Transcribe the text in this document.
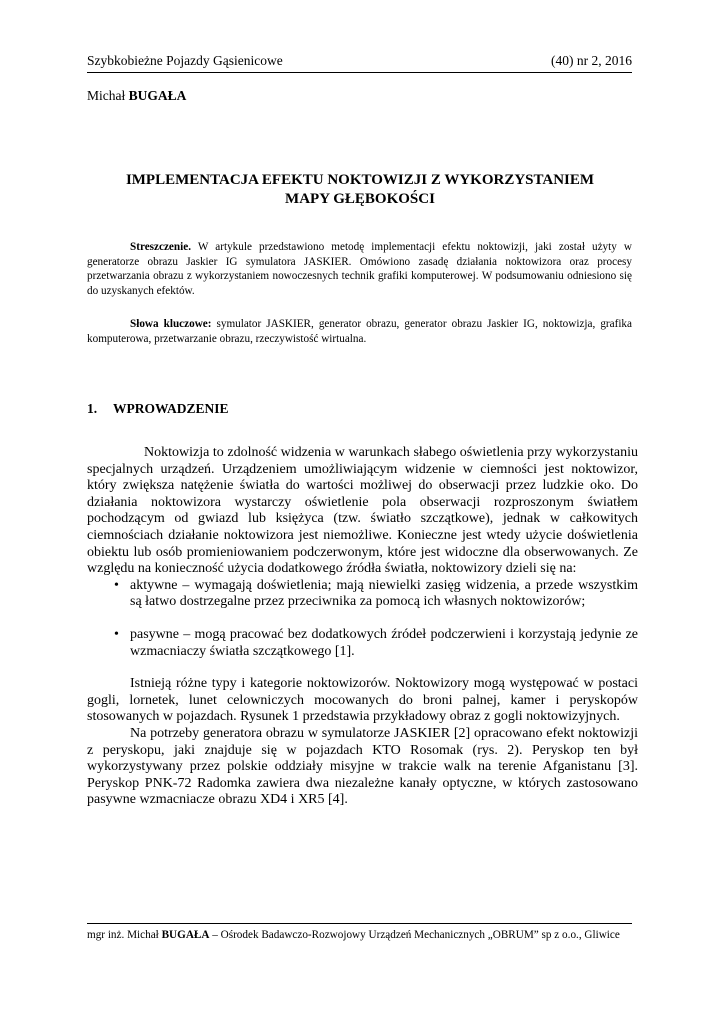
Szybkobieżne Pojazdy Gąsienicowe	(40) nr 2, 2016
Michał BUGAŁA
IMPLEMENTACJA EFEKTU NOKTOWIZJI Z WYKORZYSTANIEM
MAPY GŁĘBOKOŚCI
Streszczenie. W artykule przedstawiono metodę implementacji efektu noktowizji, jaki został użyty w generatorze obrazu Jaskier IG symulatora JASKIER. Omówiono zasadę działania noktowizora oraz procesy przetwarzania obrazu z wykorzystaniem nowoczesnych technik grafiki komputerowej. W podsumowaniu odniesiono się do uzyskanych efektów.
Słowa kluczowe: symulator JASKIER, generator obrazu, generator obrazu Jaskier IG, noktowizja, grafika komputerowa, przetwarzanie obrazu, rzeczywistość wirtualna.
1. WPROWADZENIE

Noktowizja to zdolność widzenia w warunkach słabego oświetlenia przy wykorzystaniu specjalnych urządzeń. Urządzeniem umożliwiającym widzenie w ciemności jest noktowizor, który zwiększa natężenie światła do wartości możliwej do obserwacji przez ludzkie oko. Do działania noktowizora wystarczy oświetlenie pola obserwacji rozproszonym światłem pochodzącym od gwiazd lub księżyca (tzw. światło szczątkowe), jednak w całkowitych ciemnościach działanie noktowizora jest niemożliwe. Konieczne jest wtedy użycie doświetlenia obiektu lub osób promieniowaniem podczerwonym, które jest widoczne dla obserwowanych. Ze względu na konieczność użycia dodatkowego źródła światła, noktowizory dzieli się na:

• aktywne – wymagają doświetlenia; mają niewielki zasięg widzenia, a przede wszystkim są łatwo dostrzegalne przez przeciwnika za pomocą ich własnych noktowizorów;
• pasywne – mogą pracować bez dodatkowych źródeł podczerwieni i korzystają jedynie ze wzmacniaczy światła szczątkowego [1].

Istnieją różne typy i kategorie noktowizorów. Noktowizory mogą występować w postaci gogli, lornetek, lunet celowniczych mocowanych do broni palnej, kamer i peryskopów stosowanych w pojazdach. Rysunek 1 przedstawia przykładowy obraz z gogli noktowizyjnych.

Na potrzeby generatora obrazu w symulatorze JASKIER [2] opracowano efekt noktowizji z peryskopu, jaki znajduje się w pojazdach KTO Rosomak (rys. 2). Peryskop ten był wykorzystywany przez polskie oddziały misyjne w trakcie walk na terenie Afganistanu [3]. Peryskop PNK-72 Radomka zawiera dwa niezależne kanały optyczne, w których zastosowano pasywne wzmacniacze obrazu XD4 i XR5 [4].

mgr inż. Michał BUGAŁA – Ośrodek Badawczo-Rozwojowy Urządzeń Mechanicznych „OBRUM” sp z o.o., Gliwice
